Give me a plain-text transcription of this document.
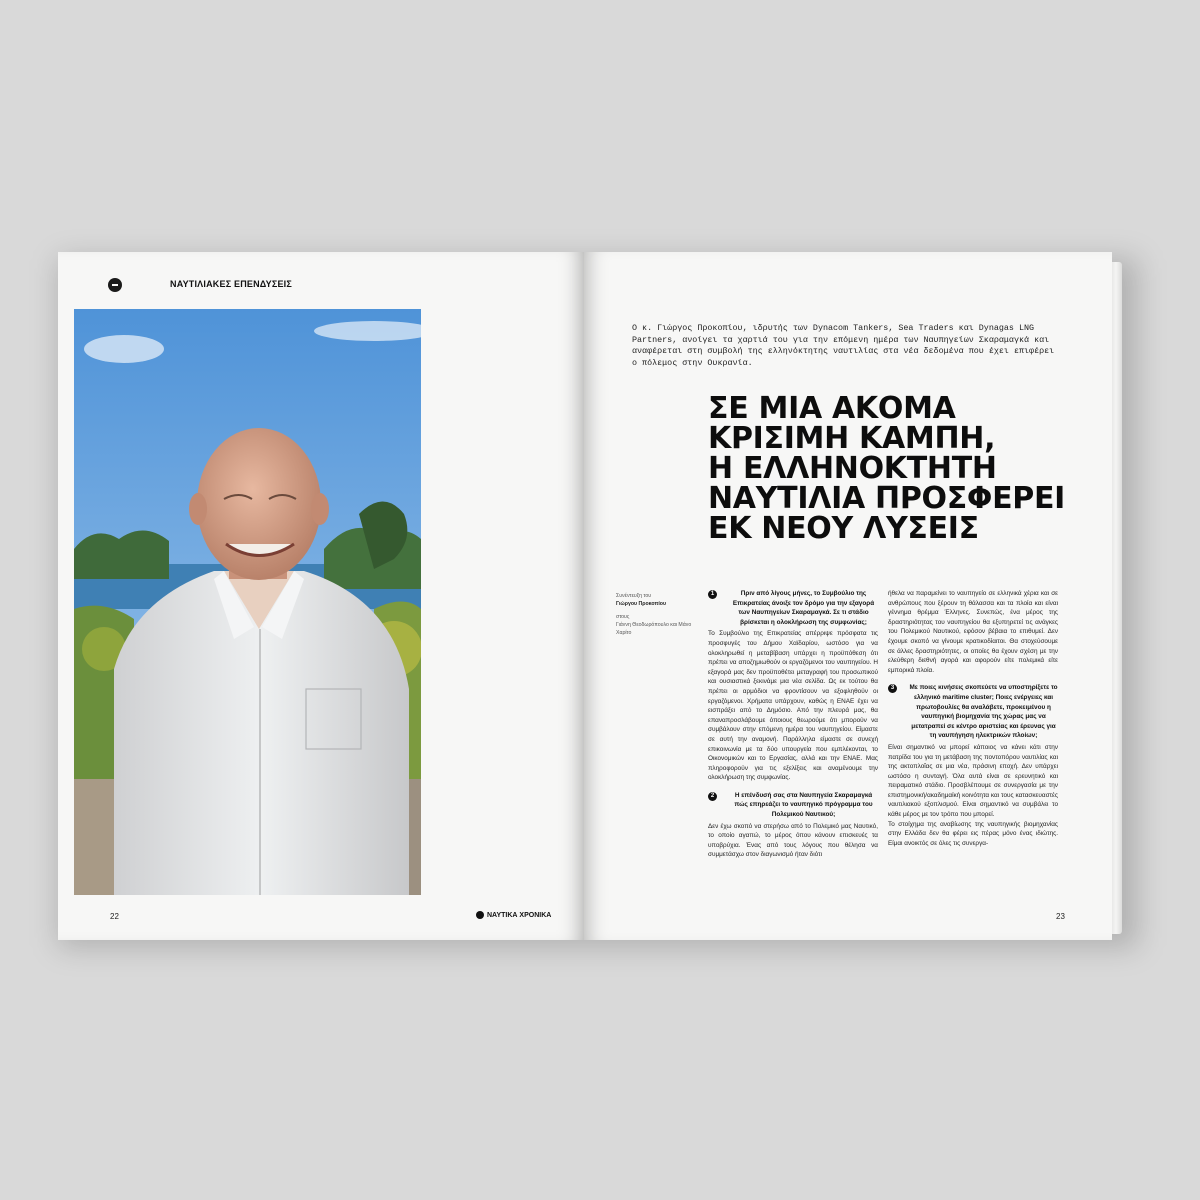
ΝΑΥΤΙΛΙΑΚΕΣ ΕΠΕΝΔΥΣΕΙΣ
22	ΝΑΥΤΙΚΑ ΧΡΟΝΙΚΑ
Ο κ. Γιώργος Προκοπίου, ιδρυτής των Dynacom Tankers, Sea Traders και Dynagas LNG Partners, ανοίγει τα χαρτιά του για την επόμενη ημέρα των Ναυπηγείων Σκαραμαγκά και αναφέρεται στη συμβολή της ελληνόκτητης ναυτιλίας στα νέα δεδομένα που έχει επιφέρει ο πόλεμος στην Ουκρανία.
ΣΕ ΜΙΑ ΑΚΟΜΑ
ΚΡΙΣΙΜΗ ΚΑΜΠΗ,
Η ΕΛΛΗΝΟΚΤΗΤΗ
ΝΑΥΤΙΛΙΑ ΠΡΟΣΦΕΡΕΙ
ΕΚ ΝΕΟΥ ΛΥΣΕΙΣ
Συνέντευξη του
Γιώργου Προκοπίου
στους
Γιάννη Θεοδωρόπουλο και Μάνο Χαρίτο
1	Πριν από λίγους μήνες, το Συμβούλιο της Επικρατείας άνοιξε τον δρόμο για την εξαγορά των Ναυπηγείων Σκαραμαγκά. Σε τι στάδιο βρίσκεται η ολοκλήρωση της συμφωνίας;

Το Συμβούλιο της Επικρατείας απέρριψε πρόσφατα τις προσφυγές του Δήμου Χαϊδαρίου, ωστόσο για να ολοκληρωθεί η μεταβίβαση υπάρχει η προϋπόθεση ότι πρέπει να αποζημιωθούν οι εργαζόμενοι του ναυπηγείου. Η εξαγορά μας δεν προϋποθέτει μεταγραφή του προσωπικού και ουσιαστικά ξεκινάμε μια νέα σελίδα. Ως εκ τούτου θα πρέπει οι αρμόδιοι να φροντίσουν να εξοφληθούν οι εργαζόμενοι. Χρήματα υπάρχουν, καθώς η ΕΝΑΕ έχει να εισπράξει από το Δημόσιο. Από την πλευρά μας, θα επαναπροσλάβουμε όποιους θεωρούμε ότι μπορούν να συμβάλουν στην επόμενη ημέρα του ναυπηγείου. Είμαστε σε αυτή την αναμονή. Παράλληλα είμαστε σε συνεχή επικοινωνία με τα δύο υπουργεία που εμπλέκονται, το Οικονομικών και το Εργασίας, αλλά και την ΕΝΑΕ. Μας πληροφορούν για τις εξελίξεις και αναμένουμε την ολοκλήρωση της συμφωνίας.

2	Η επένδυσή σας στα Ναυπηγεία Σκαραμαγκά πώς επηρεάζει το ναυπηγικό πρόγραμμα του Πολεμικού Ναυτικού;

Δεν έχω σκοπό να στερήσω από το Πολεμικό μας Ναυτικό, το οποίο αγαπώ, το μέρος όπου κάνουν επισκευές τα υποβρύχια. Ένας από τους λόγους που θέλησα να συμμετάσχω στον διαγωνισμό ήταν διότι

ήθελα να παραμείνει το ναυπηγείο σε ελληνικά χέρια και σε ανθρώπους που ξέρουν τη θάλασσα και τα πλοία και είναι γέννημα θρέμμα Έλληνες. Συνεπώς, ένα μέρος της δραστηριότητας του ναυπηγείου θα εξυπηρετεί τις ανάγκες του Πολεμικού Ναυτικού, εφόσον βέβαια το επιθυμεί. Δεν έχουμε σκοπό να γίνουμε κρατικοδίαιτοι. Θα στοχεύσουμε σε άλλες δραστηριότητες, οι οποίες θα έχουν σχέση με την ελεύθερη διεθνή αγορά και αφορούν είτε πολεμικά είτε εμπορικά πλοία.

3	Με ποιες κινήσεις σκοπεύετε να υποστηρίξετε το ελληνικό maritime cluster; Ποιες ενέργειες και πρωτοβουλίες θα αναλάβετε, προκειμένου η ναυπηγική βιομηχανία της χώρας μας να μετατραπεί σε κέντρο αριστείας και έρευνας για τη ναυπήγηση ηλεκτρικών πλοίων;

Είναι σημαντικό να μπορεί κάποιος να κάνει κάτι στην πατρίδα του για τη μετάβαση της ποντοπόρου ναυτιλίας και της ακτοπλοΐας σε μια νέα, πράσινη εποχή. Δεν υπάρχει ωστόσο η συνταγή. Όλα αυτά είναι σε ερευνητικό και πειραματικό στάδιο. Προσβλέπουμε σε συνεργασία με την επιστημονική/ακαδημαϊκή κοινότητα και τους κατασκευαστές ναυτιλιακού εξοπλισμού. Είναι σημαντικό να συμβάλει το κάθε μέρος με τον τρόπο που μπορεί.

Το στοίχημα της αναβίωσης της ναυπηγικής βιομηχανίας στην Ελλάδα δεν θα φέρει εις πέρας μόνο ένας ιδιώτης. Είμαι ανοικτός σε όλες τις συνεργα-

23
